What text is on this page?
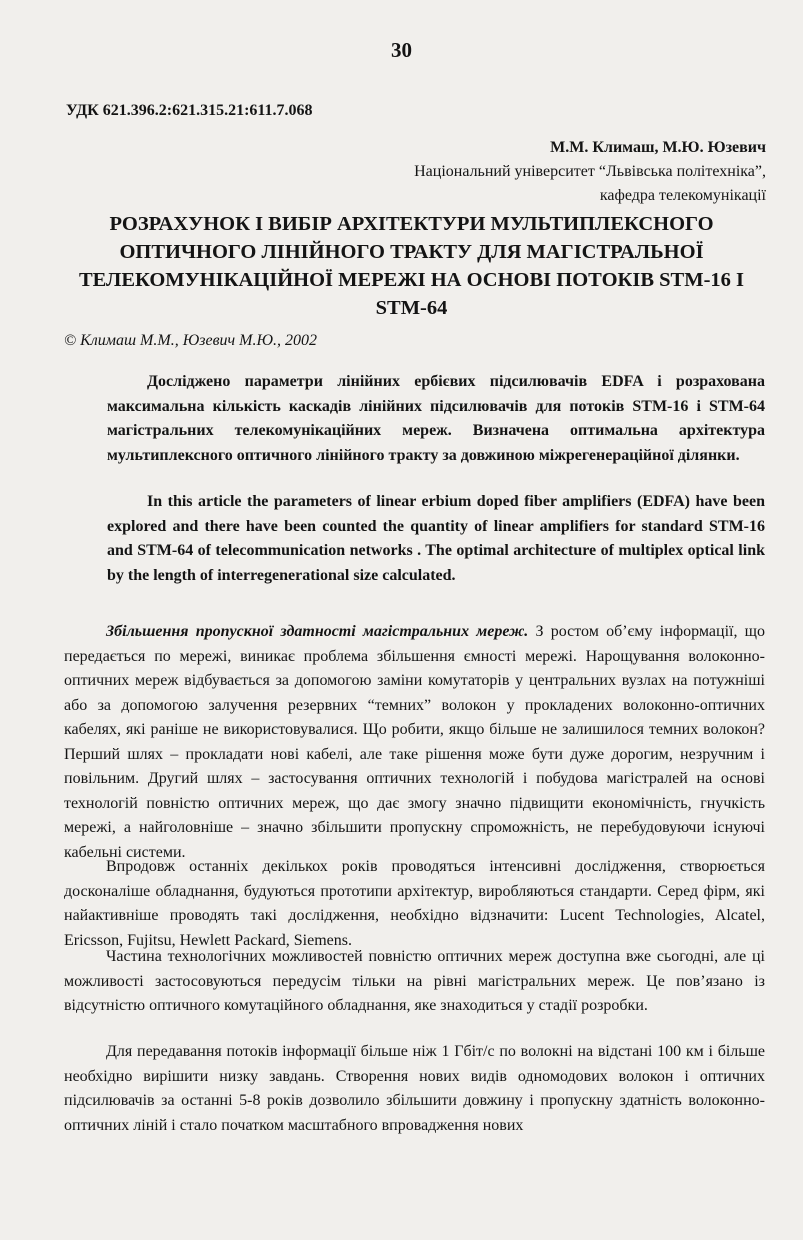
30
УДК 621.396.2:621.315.21:611.7.068
М.М. Климаш, М.Ю. Юзевич
Національний університет “Львівська політехніка”,
кафедра телекомунікації
РОЗРАХУНОК І ВИБІР АРХІТЕКТУРИ МУЛЬТИПЛЕКСНОГО ОПТИЧНОГО ЛІНІЙНОГО ТРАКТУ ДЛЯ МАГІСТРАЛЬНОЇ ТЕЛЕКОМУНІКАЦІЙНОЇ МЕРЕЖІ НА ОСНОВІ ПОТОКІВ STM-16 І STM-64
© Климаш М.М., Юзевич М.Ю., 2002
Досліджено параметри лінійних ербієвих підсилювачів EDFA і розрахована максимальна кількість каскадів лінійних підсилювачів для потоків STM-16 і STM-64 магістральних телекомунікаційних мереж. Визначена оптимальна архітектура мультиплексного оптичного лінійного тракту за довжиною міжрегенераційної ділянки.
In this article the parameters of linear erbium doped fiber amplifiers (EDFA) have been explored and there have been counted the quantity of linear amplifiers for standard STM-16 and STM-64 of telecommunication networks . The optimal architecture of multiplex optical link by the length of interregenerational size calculated.
Збільшення пропускної здатності магістральних мереж. З ростом об’єму інформації, що передається по мережі, виникає проблема збільшення ємності мережі. Нарощування волоконно-оптичних мереж відбувається за допомогою заміни комутаторів у центральних вузлах на потужніші або за допомогою залучення резервних “темних” волокон у прокладених волоконно-оптичних кабелях, які раніше не використовувалися. Що робити, якщо більше не залишилося темних волокон? Перший шлях – прокладати нові кабелі, але таке рішення може бути дуже дорогим, незручним і повільним. Другий шлях – застосування оптичних технологій і побудова магістралей на основі технологій повністю оптичних мереж, що дає змогу значно підвищити економічність, гнучкість мережі, а найголовніше – значно збільшити пропускну спроможність, не перебудовуючи існуючі кабельні системи.
Впродовж останніх декількох років проводяться інтенсивні дослідження, створюється досконаліше обладнання, будуються прототипи архітектур, виробляються стандарти. Серед фірм, які найактивніше проводять такі дослідження, необхідно відзначити: Lucent Technologies, Alcatel, Ericsson, Fujitsu, Hewlett Packard, Siemens.
Частина технологічних можливостей повністю оптичних мереж доступна вже сьогодні, але ці можливості застосовуються передусім тільки на рівні магістральних мереж. Це пов’язано із відсутністю оптичного комутаційного обладнання, яке знаходиться у стадії розробки.
Для передавання потоків інформації більше ніж 1 Гбіт/с по волокні на відстані 100 км і більше необхідно вирішити низку завдань. Створення нових видів одномодових волокон і оптичних підсилювачів за останні 5-8 років дозволило збільшити довжину і пропускну здатність волоконно-оптичних ліній і стало початком масштабного впровадження нових
